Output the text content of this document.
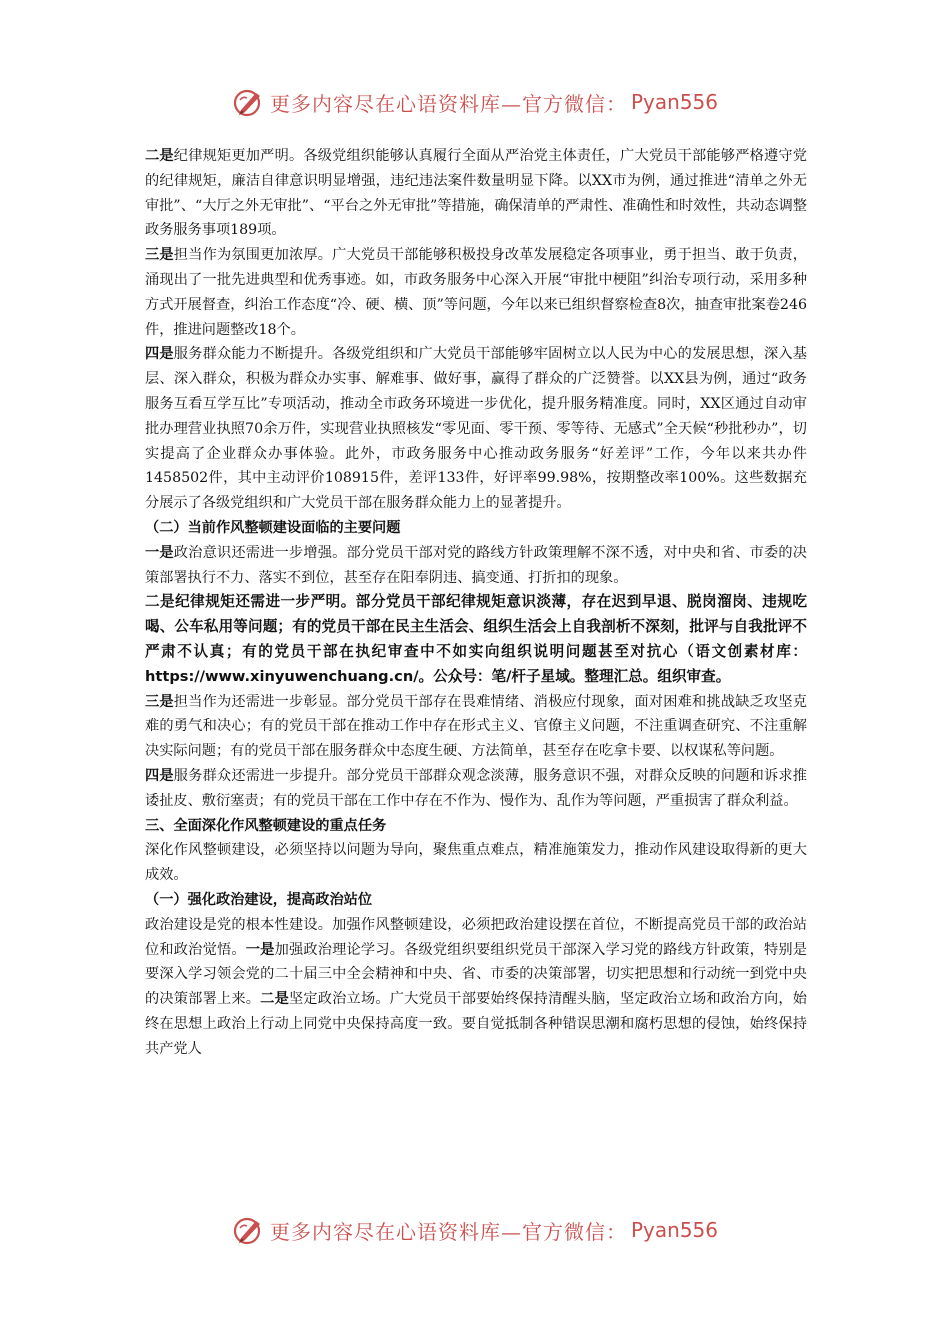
更多内容尽在心语资料库—官方微信： Pyan556

二是纪律规矩更加严明。各级党组织能够认真履行全面从严治党主体责任，广大党员干部能够严格遵守党的纪律规矩，廉洁自律意识明显增强，违纪违法案件数量明显下降。以XX市为例，通过推进“清单之外无审批”、“大厅之外无审批”、“平台之外无审批”等措施，确保清单的严肃性、准确性和时效性，共动态调整政务服务事项189项。

三是担当作为氛围更加浓厚。广大党员干部能够积极投身改革发展稳定各项事业，勇于担当、敢于负责，涌现出了一批先进典型和优秀事迹。如，市政务服务中心深入开展“审批中梗阻”纠治专项行动，采用多种方式开展督查，纠治工作态度“冷、硬、横、顶”等问题，今年以来已组织督察检查8次，抽查审批案卷246件，推进问题整改18个。

四是服务群众能力不断提升。各级党组织和广大党员干部能够牢固树立以人民为中心的发展思想，深入基层、深入群众，积极为群众办实事、解难事、做好事，赢得了群众的广泛赞誉。以XX县为例，通过“政务服务互看互学互比”专项活动，推动全市政务环境进一步优化，提升服务精准度。同时，XX区通过自动审批办理营业执照70余万件，实现营业执照核发“零见面、零干预、零等待、无感式”全天候“秒批秒办”，切实提高了企业群众办事体验。此外，市政务服务中心推动政务服务“好差评”工作，今年以来共办件1458502件，其中主动评价108915件，差评133件，好评率99.98%，按期整改率100%。这些数据充分展示了各级党组织和广大党员干部在服务群众能力上的显著提升。

（二）当前作风整顿建设面临的主要问题

一是政治意识还需进一步增强。部分党员干部对党的路线方针政策理解不深不透，对中央和省、市委的决策部署执行不力、落实不到位，甚至存在阳奉阴违、搞变通、打折扣的现象。

二是纪律规矩还需进一步严明。部分党员干部纪律规矩意识淡薄，存在迟到早退、脱岗溜岗、违规吃喝、公车私用等问题；有的党员干部在民主生活会、组织生活会上自我剖析不深刻，批评与自我批评不严肃不认真；有的党员干部在执纪审查中不如实向组织说明问题甚至对抗心（语文创素材库：https://www.xinyuwenchuang.cn/。公众号：笔/杆子星域。整理汇总。组织审查。

三是担当作为还需进一步彰显。部分党员干部存在畏难情绪、消极应付现象，面对困难和挑战缺乏攻坚克难的勇气和决心；有的党员干部在推动工作中存在形式主义、官僚主义问题，不注重调查研究、不注重解决实际问题；有的党员干部在服务群众中态度生硬、方法简单，甚至存在吃拿卡要、以权谋私等问题。

四是服务群众还需进一步提升。部分党员干部群众观念淡薄，服务意识不强，对群众反映的问题和诉求推诿扯皮、敷衍塞责；有的党员干部在工作中存在不作为、慢作为、乱作为等问题，严重损害了群众利益。

三、全面深化作风整顿建设的重点任务

深化作风整顿建设，必须坚持以问题为导向，聚焦重点难点，精准施策发力，推动作风建设取得新的更大成效。

（一）强化政治建设，提高政治站位

政治建设是党的根本性建设。加强作风整顿建设，必须把政治建设摆在首位，不断提高党员干部的政治站位和政治觉悟。一是加强政治理论学习。各级党组织要组织党员干部深入学习党的路线方针政策，特别是要深入学习领会党的二十届三中全会精神和中央、省、市委的决策部署，切实把思想和行动统一到党中央的决策部署上来。二是坚定政治立场。广大党员干部要始终保持清醒头脑，坚定政治立场和政治方向，始终在思想上政治上行动上同党中央保持高度一致。要自觉抵制各种错误思潮和腐朽思想的侵蚀，始终保持共产党人

更多内容尽在心语资料库—官方微信： Pyan556
